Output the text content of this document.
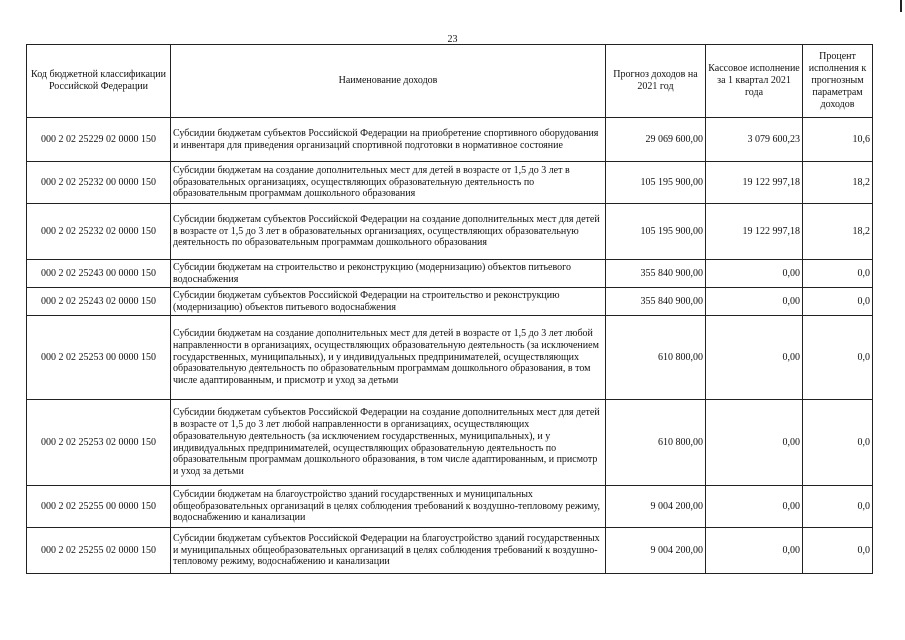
23
Код бюджетной классификации Российской Федерации	Наименование доходов	Прогноз доходов на 2021 год	Кассовое исполнение за 1 квартал 2021 года	Процент исполнения к прогнозным параметрам доходов
000 2 02 25229 02 0000 150	Субсидии бюджетам субъектов Российской Федерации на приобретение спортивного оборудования и инвентаря для приведения организаций спортивной подготовки в нормативное состояние	29 069 600,00	3 079 600,23	10,6
000 2 02 25232 00 0000 150	Субсидии бюджетам на создание дополнительных мест для детей в возрасте от 1,5 до 3 лет в образовательных организациях, осуществляющих образовательную деятельность по образовательным программам дошкольного образования	105 195 900,00	19 122 997,18	18,2
000 2 02 25232 02 0000 150	Субсидии бюджетам субъектов Российской Федерации на создание дополнительных мест для детей в возрасте от 1,5 до 3 лет в образовательных организациях, осуществляющих образовательную деятельность по образовательным программам дошкольного образования	105 195 900,00	19 122 997,18	18,2
000 2 02 25243 00 0000 150	Субсидии бюджетам на строительство и реконструкцию (модернизацию) объектов питьевого водоснабжения	355 840 900,00	0,00	0,0
000 2 02 25243 02 0000 150	Субсидии бюджетам субъектов Российской Федерации на строительство и реконструкцию (модернизацию) объектов питьевого водоснабжения	355 840 900,00	0,00	0,0
000 2 02 25253 00 0000 150	Субсидии бюджетам на создание дополнительных мест для детей в возрасте от 1,5 до 3 лет любой направленности в организациях, осуществляющих образовательную деятельность (за исключением государственных, муниципальных), и у индивидуальных предпринимателей, осуществляющих образовательную деятельность по образовательным программам дошкольного образования, в том числе адаптированным, и присмотр и уход за детьми	610 800,00	0,00	0,0
000 2 02 25253 02 0000 150	Субсидии бюджетам субъектов Российской Федерации на создание дополнительных мест для детей в возрасте от 1,5 до 3 лет любой направленности в организациях, осуществляющих образовательную деятельность (за исключением государственных, муниципальных), и у индивидуальных предпринимателей, осуществляющих образовательную деятельность по образовательным программам дошкольного образования, в том числе адаптированным, и присмотр и уход за детьми	610 800,00	0,00	0,0
000 2 02 25255 00 0000 150	Субсидии бюджетам на благоустройство зданий государственных и муниципальных общеобразовательных организаций в целях соблюдения требований к воздушно-тепловому режиму, водоснабжению и канализации	9 004 200,00	0,00	0,0
000 2 02 25255 02 0000 150	Субсидии бюджетам субъектов Российской Федерации на благоустройство зданий государственных и муниципальных общеобразовательных организаций в целях соблюдения требований к воздушно-тепловому режиму, водоснабжению и канализации	9 004 200,00	0,00	0,0
